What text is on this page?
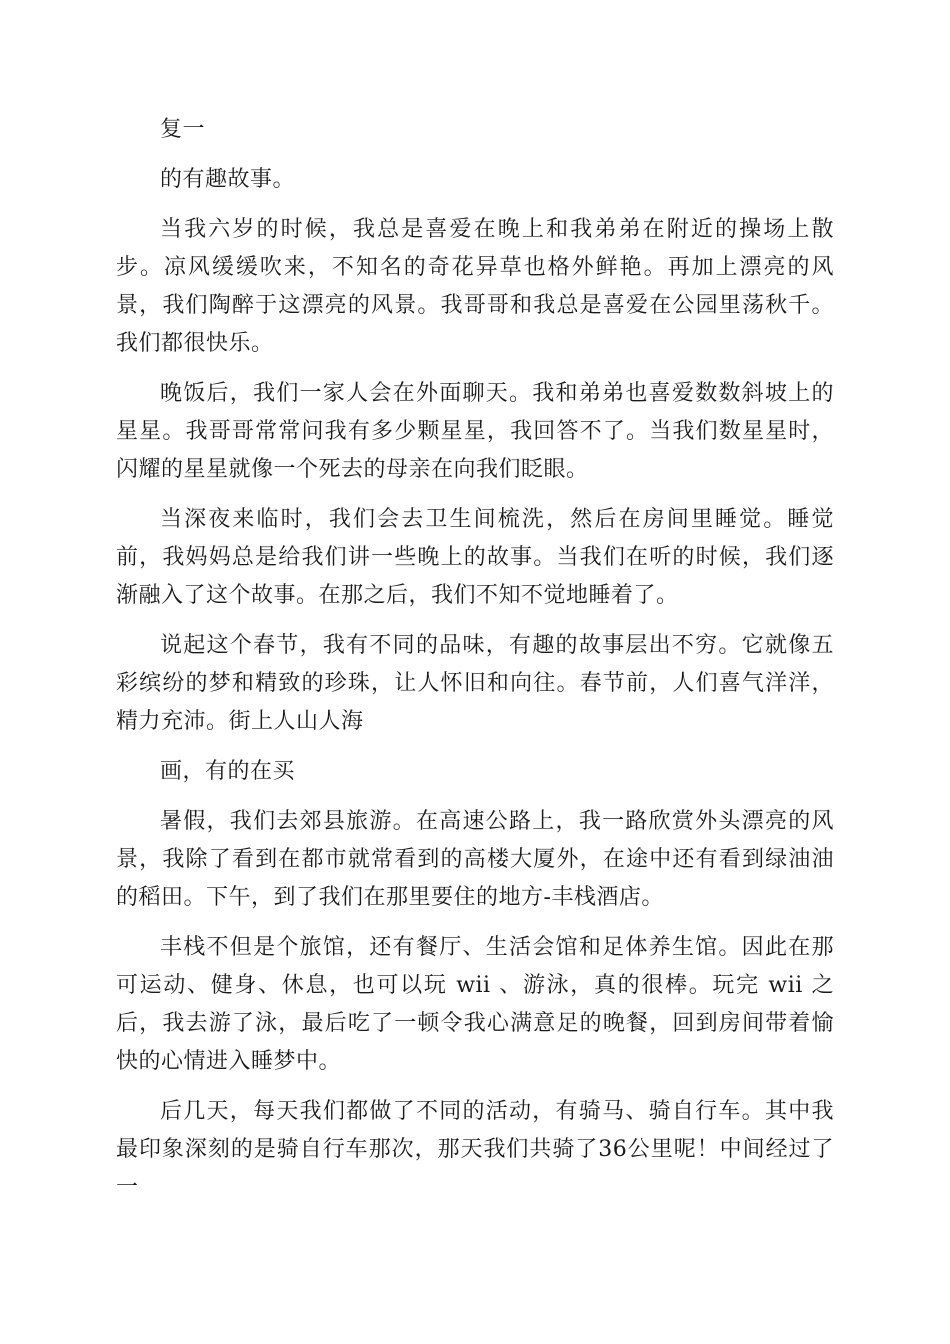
复一

的有趣故事。

当我六岁的时候，我总是喜爱在晚上和我弟弟在附近的操场上散步。凉风缓缓吹来，不知名的奇花异草也格外鲜艳。再加上漂亮的风景，我们陶醉于这漂亮的风景。我哥哥和我总是喜爱在公园里荡秋千。我们都很快乐。

晚饭后，我们一家人会在外面聊天。我和弟弟也喜爱数数斜坡上的星星。我哥哥常常问我有多少颗星星，我回答不了。当我们数星星时，闪耀的星星就像一个死去的母亲在向我们眨眼。

当深夜来临时，我们会去卫生间梳洗，然后在房间里睡觉。睡觉前，我妈妈总是给我们讲一些晚上的故事。当我们在听的时候，我们逐渐融入了这个故事。在那之后，我们不知不觉地睡着了。

说起这个春节，我有不同的品味，有趣的故事层出不穷。它就像五彩缤纷的梦和精致的珍珠，让人怀旧和向往。春节前，人们喜气洋洋，精力充沛。街上人山人海

画，有的在买

暑假，我们去郊县旅游。在高速公路上，我一路欣赏外头漂亮的风景，我除了看到在都市就常看到的高楼大厦外，在途中还有看到绿油油的稻田。下午，到了我们在那里要住的地方-丰栈酒店。

丰栈不但是个旅馆，还有餐厅、生活会馆和足体养生馆。因此在那可运动、健身、休息，也可以玩 wii 、游泳，真的很棒。玩完 wii 之后，我去游了泳，最后吃了一顿令我心满意足的晚餐，回到房间带着愉快的心情进入睡梦中。

后几天，每天我们都做了不同的活动，有骑马、骑自行车。其中我最印象深刻的是骑自行车那次，那天我们共骑了36公里呢！中间经过了一
